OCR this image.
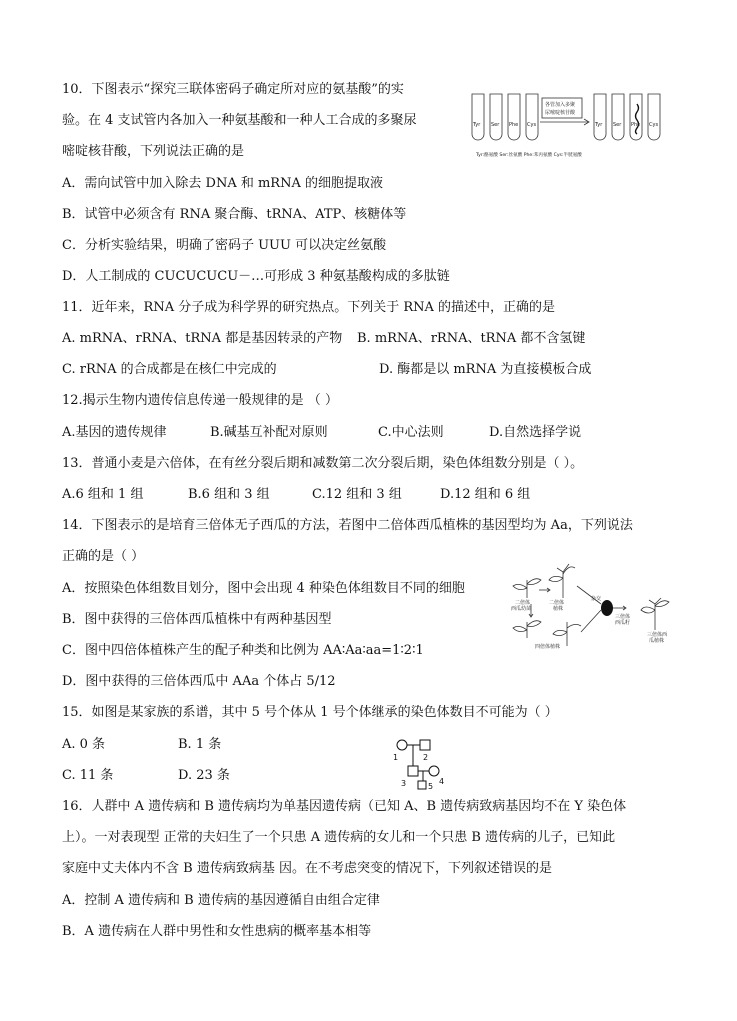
10．下图表示“探究三联体密码子确定所对应的氨基酸”的实
验。在 4 支试管内各加入一种氨基酸和一种人工合成的多聚尿
嘧啶核苷酸，下列说法正确的是
A．需向试管中加入除去 DNA 和 mRNA 的细胞提取液
B．试管中必须含有 RNA 聚合酶、tRNA、ATP、核糖体等
C．分析实验结果，明确了密码子 UUU 可以决定丝氨酸
D．人工制成的 CUCUCUCU－…可形成 3 种氨基酸构成的多肽链
Tyr Ser Phe Cys	Tyr Ser Phe Cys
各管加入多聚
尿嘧啶核苷酸
Tyr:酪氨酸 Ser:丝氨酸 Phe:苯丙氨酸 Cys:半胱氨酸
11．近年来，RNA 分子成为科学界的研究热点。下列关于 RNA 的描述中，正确的是
A. mRNA、rRNA、tRNA 都是基因转录的产物 B. mRNA、rRNA、tRNA 都不含氢键
C. rRNA 的合成都是在核仁中完成的	D. 酶都是以 mRNA 为直接模板合成
12.揭示生物内遗传信息传递一般规律的是 （ ）
A.基因的遗传规律	B.碱基互补配对原则	C.中心法则	D.自然选择学说
13．普通小麦是六倍体，在有丝分裂后期和减数第二次分裂后期，染色体组数分别是（ ）。
A.6 组和 1 组	B.6 组和 3 组	C.12 组和 3 组	D.12 组和 6 组
14．下图表示的是培育三倍体无子西瓜的方法，若图中二倍体西瓜植株的基因型均为 Aa，下列说法
正确的是（ ）
A．按照染色体组数目划分，图中会出现 4 种染色体组数目不同的细胞
B．图中获得的三倍体西瓜植株中有两种基因型
C．图中四倍体植株产生的配子种类和比例为 AA∶Aa∶aa=1∶2∶1
D．图中获得的三倍体西瓜中 AAa 个体占 5/12
二倍体
西瓜幼苗
二倍体
植株
杂交
三倍体
西瓜籽
三倍体西
瓜植株
四倍体植株
15．如图是某家族的系谱，其中 5 号个体从 1 号个体继承的染色体数目不可能为（ ）
A. 0 条	B. 1 条
C. 11 条	D. 23 条
1	2
3	4
5
16．人群中 A 遗传病和 B 遗传病均为单基因遗传病（已知 A、B 遗传病致病基因均不在 Y 染色体
上）。一对表现型 正常的夫妇生了一个只患 A 遗传病的女儿和一个只患 B 遗传病的儿子，已知此
家庭中丈夫体内不含 B 遗传病致病基 因。在不考虑突变的情况下，下列叙述错误的是
A．控制 A 遗传病和 B 遗传病的基因遵循自由组合定律
B．A 遗传病在人群中男性和女性患病的概率基本相等
